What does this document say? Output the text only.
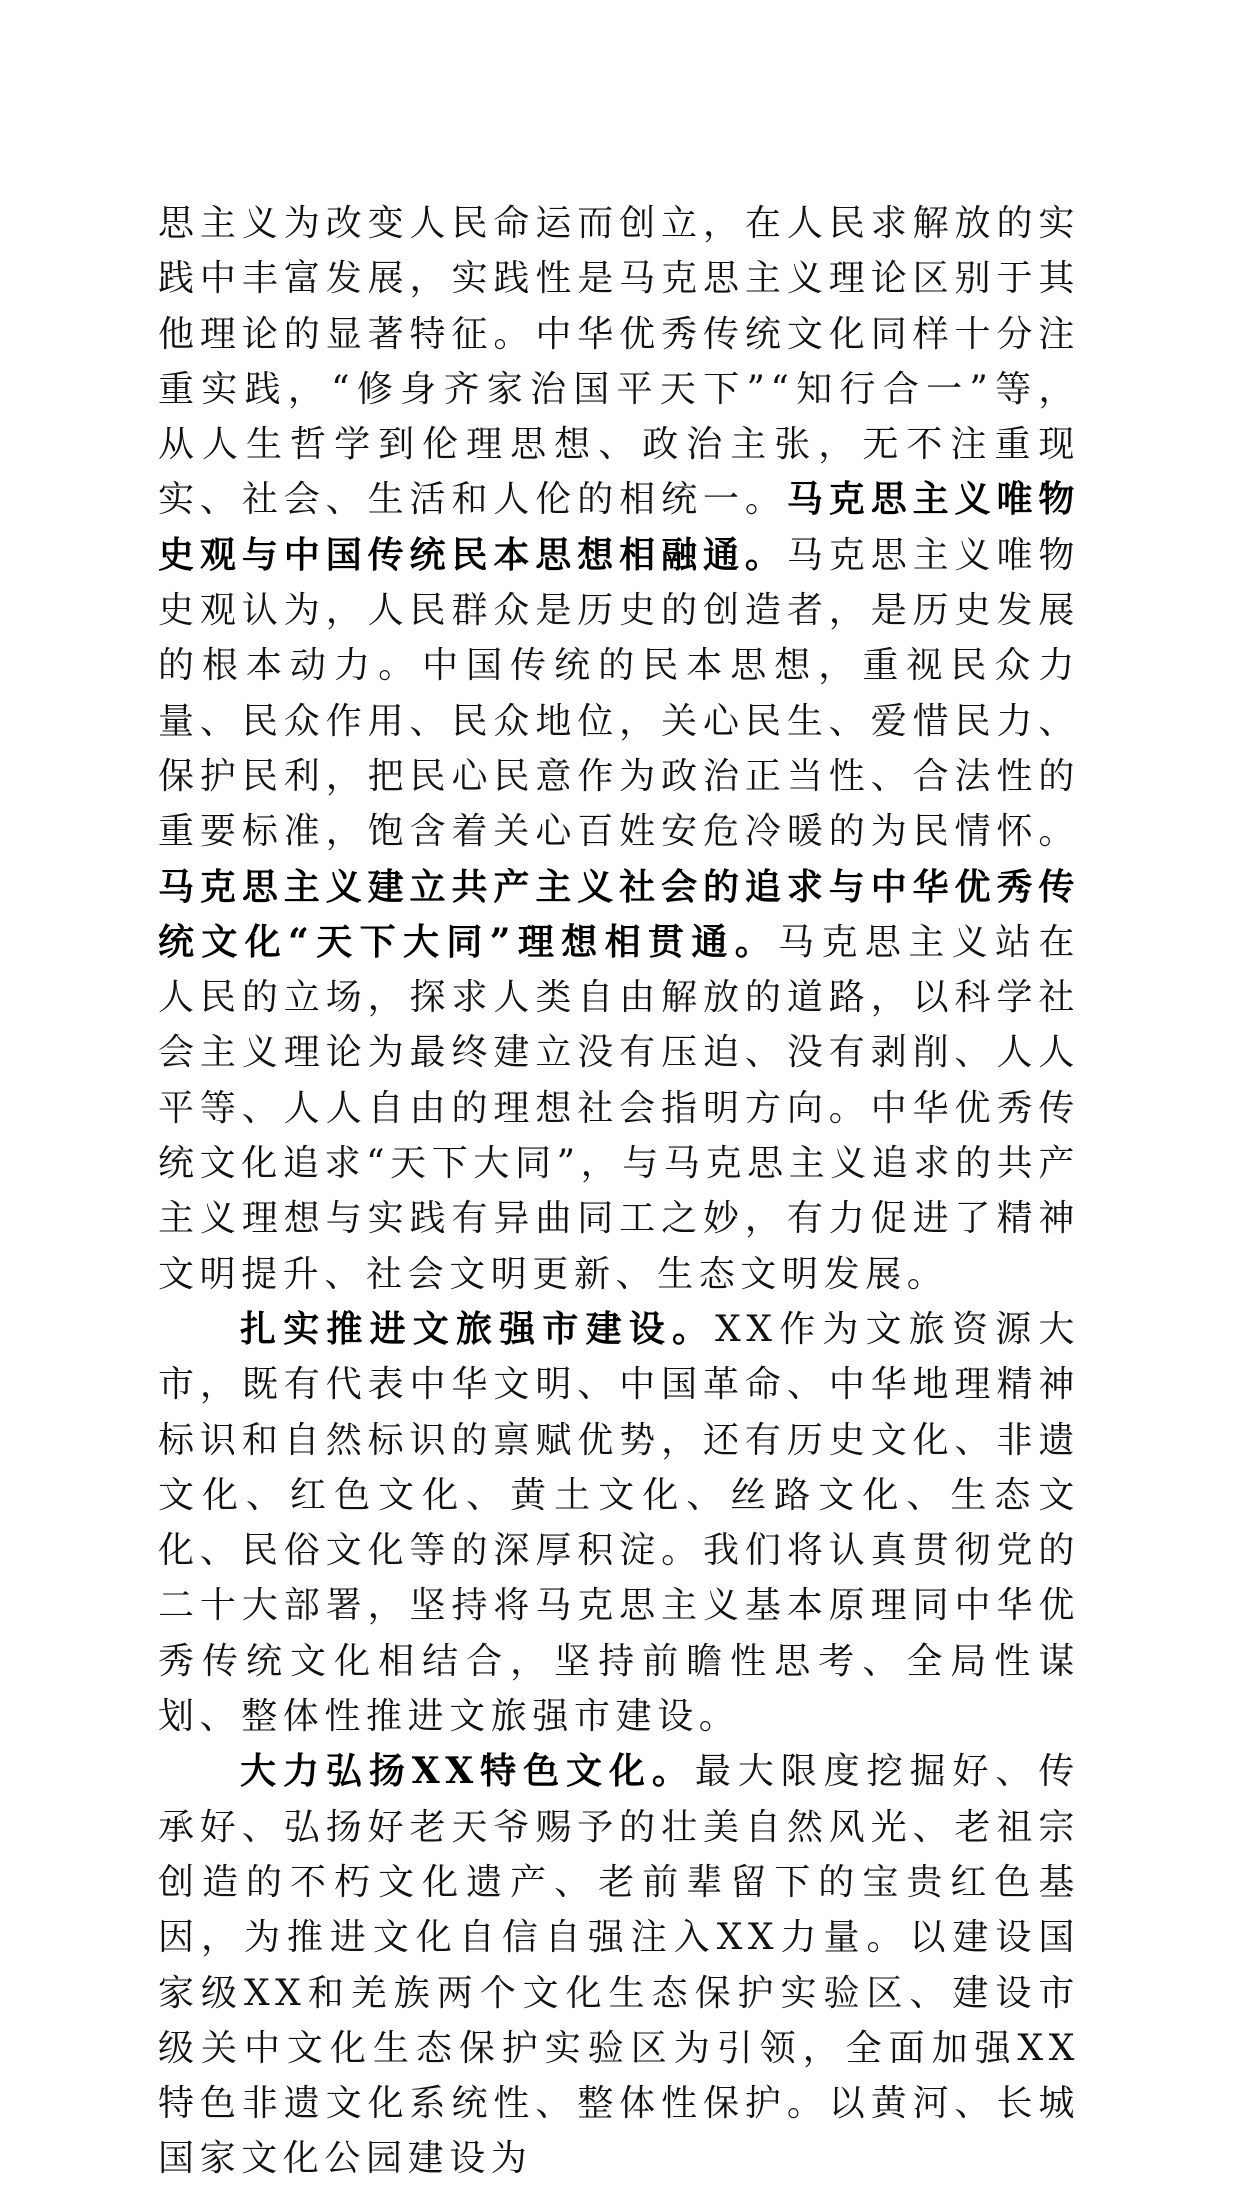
思主义为改变人民命运而创立，在人民求解放的实践中丰富发展，实践性是马克思主义理论区别于其他理论的显著特征。中华优秀传统文化同样十分注重实践，“修身齐家治国平天下”“知行合一”等，从人生哲学到伦理思想、政治主张，无不注重现实、社会、生活和人伦的相统一。马克思主义唯物史观与中国传统民本思想相融通。马克思主义唯物史观认为，人民群众是历史的创造者，是历史发展的根本动力。中国传统的民本思想，重视民众力量、民众作用、民众地位，关心民生、爱惜民力、保护民利，把民心民意作为政治正当性、合法性的重要标准，饱含着关心百姓安危冷暖的为民情怀。马克思主义建立共产主义社会的追求与中华优秀传统文化“天下大同”理想相贯通。马克思主义站在人民的立场，探求人类自由解放的道路，以科学社会主义理论为最终建立没有压迫、没有剥削、人人平等、人人自由的理想社会指明方向。中华优秀传统文化追求“天下大同”，与马克思主义追求的共产主义理想与实践有异曲同工之妙，有力促进了精神文明提升、社会文明更新、生态文明发展。

扎实推进文旅强市建设。XX作为文旅资源大市，既有代表中华文明、中国革命、中华地理精神标识和自然标识的禀赋优势，还有历史文化、非遗文化、红色文化、黄土文化、丝路文化、生态文化、民俗文化等的深厚积淀。我们将认真贯彻党的二十大部署，坚持将马克思主义基本原理同中华优秀传统文化相结合，坚持前瞻性思考、全局性谋划、整体性推进文旅强市建设。

大力弘扬XX特色文化。最大限度挖掘好、传承好、弘扬好老天爷赐予的壮美自然风光、老祖宗创造的不朽文化遗产、老前辈留下的宝贵红色基因，为推进文化自信自强注入XX力量。以建设国家级XX和羌族两个文化生态保护实验区、建设市级关中文化生态保护实验区为引领，全面加强XX特色非遗文化系统性、整体性保护。以黄河、长城国家文化公园建设为
